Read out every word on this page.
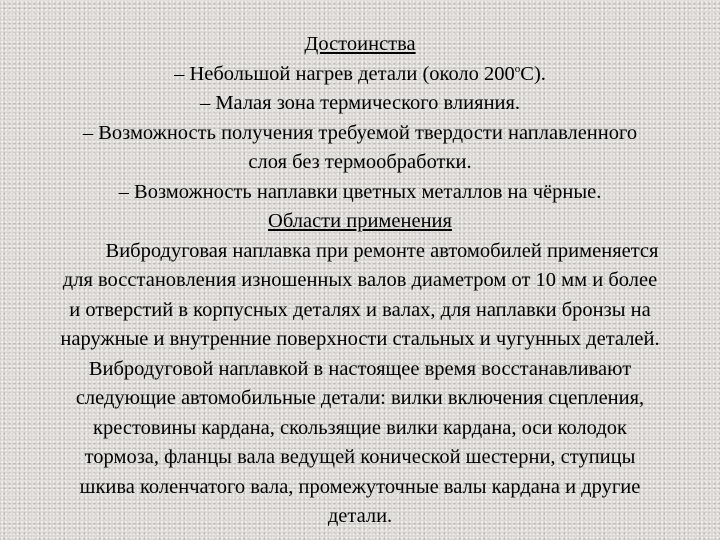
Достоинства
– Небольшой нагрев детали (около $200^оС$).
– Малая зона термического влияния.
– Возможность получения требуемой твердости наплавленного
слоя без термообработки.
– Возможность наплавки цветных металлов на чёрные.
Области применения
Вибродуговая наплавка при ремонте автомобилей применяется
для восстановления изношенных валов диаметром от 10 мм и более
и отверстий в корпусных деталях и валах, для наплавки бронзы на
наружные и внутренние поверхности стальных и чугунных деталей.
Вибродуговой наплавкой в настоящее время восстанавливают
следующие автомобильные детали: вилки включения сцепления,
крестовины кардана, скользящие вилки кардана, оси колодок
тормоза, фланцы вала ведущей конической шестерни, ступицы
шкива коленчатого вала, промежуточные валы кардана и другие
детали.
